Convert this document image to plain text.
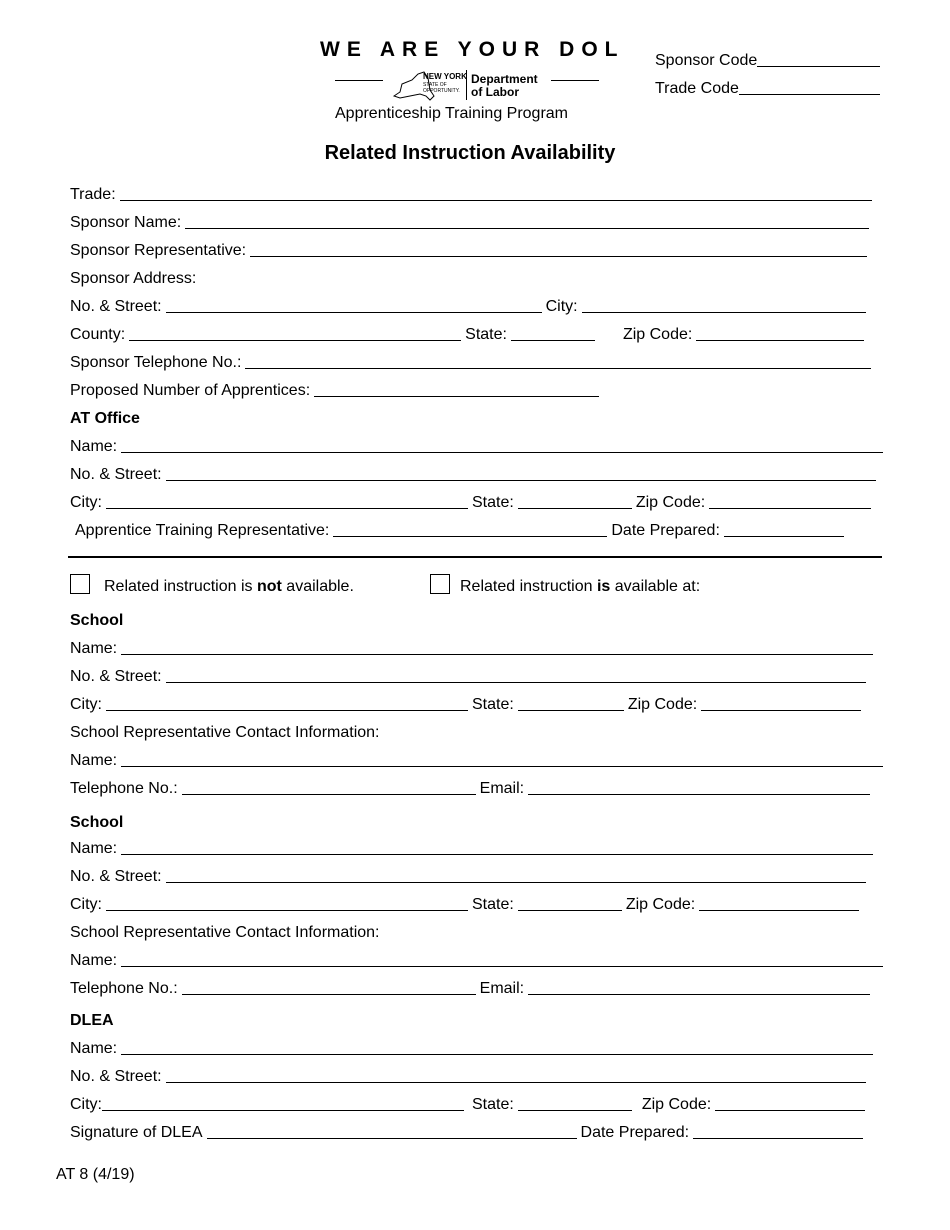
WE ARE YOUR DOL
NEW YORK
STATE OF
OPPORTUNITY.
Department
of Labor
Apprenticeship Training Program
Sponsor Code
Trade Code
Related Instruction Availability
Trade:
Sponsor Name:
Sponsor Representative:
Sponsor Address:
No. & Street:	City:
County:	State:	Zip Code:
Sponsor Telephone No.:
Proposed Number of Apprentices:
AT Office
Name:
No. & Street:
City:	State:	Zip Code:
Apprentice Training Representative:	Date Prepared:
Related instruction is
not
available.	Related instruction
is
available at:
School
Name:
No. & Street:
City:	State:	Zip Code:
School Representative Contact Information:
Name:
Telephone No.:	Email:
School
Name:
No. & Street:
City:	State:	Zip Code:
School Representative Contact Information:
Name:
Telephone No.:	Email:
DLEA
Name:
No. & Street:
City:	State:	Zip Code:
Signature of DLEA	Date Prepared:
AT 8 (4/19)
